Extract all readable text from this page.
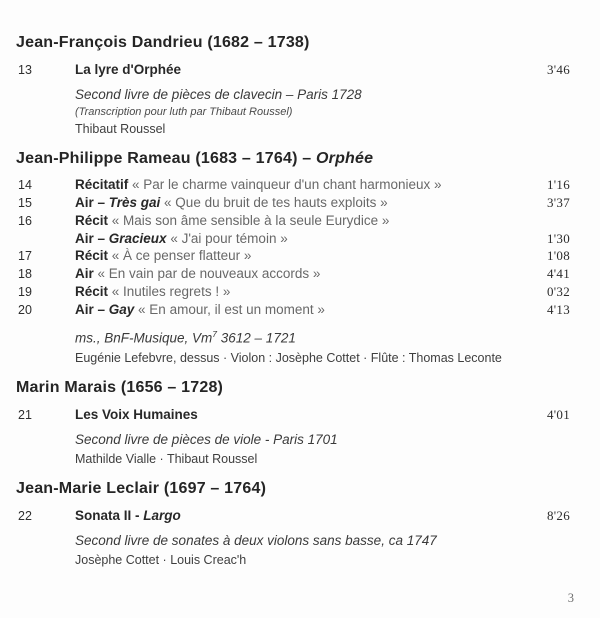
Jean-François Dandrieu (1682 – 1738)
13	La lyre d'Orphée	3'46
Second livre de pièces de clavecin – Paris 1728
(Transcription pour luth par Thibaut Roussel)
Thibaut Roussel
Jean-Philippe Rameau (1683 – 1764) – Orphée
14	Récitatif « Par le charme vainqueur d'un chant harmonieux »	1'16
15	Air – Très gai « Que du bruit de tes hauts exploits »	3'37
16	Récit « Mais son âme sensible à la seule Eurydice »
Air – Gracieux « J'ai pour témoin »	1'30
17	Récit « À ce penser flatteur »	1'08
18	Air « En vain par de nouveaux accords »	4'41
19	Récit « Inutiles regrets ! »	0'32
20	Air – Gay « En amour, il est un moment »	4'13
ms., BnF-Musique, Vm$^7$ 3612 – 1721
Eugénie Lefebvre, dessus · Violon : Josèphe Cottet · Flûte : Thomas Leconte
Marin Marais (1656 – 1728)
21	Les Voix Humaines	4'01
Second livre de pièces de viole - Paris 1701
Mathilde Vialle · Thibaut Roussel
Jean-Marie Leclair (1697 – 1764)
22	Sonata II - Largo	8'26
Second livre de sonates à deux violons sans basse, ca 1747
Josèphe Cottet · Louis Creac'h
3
